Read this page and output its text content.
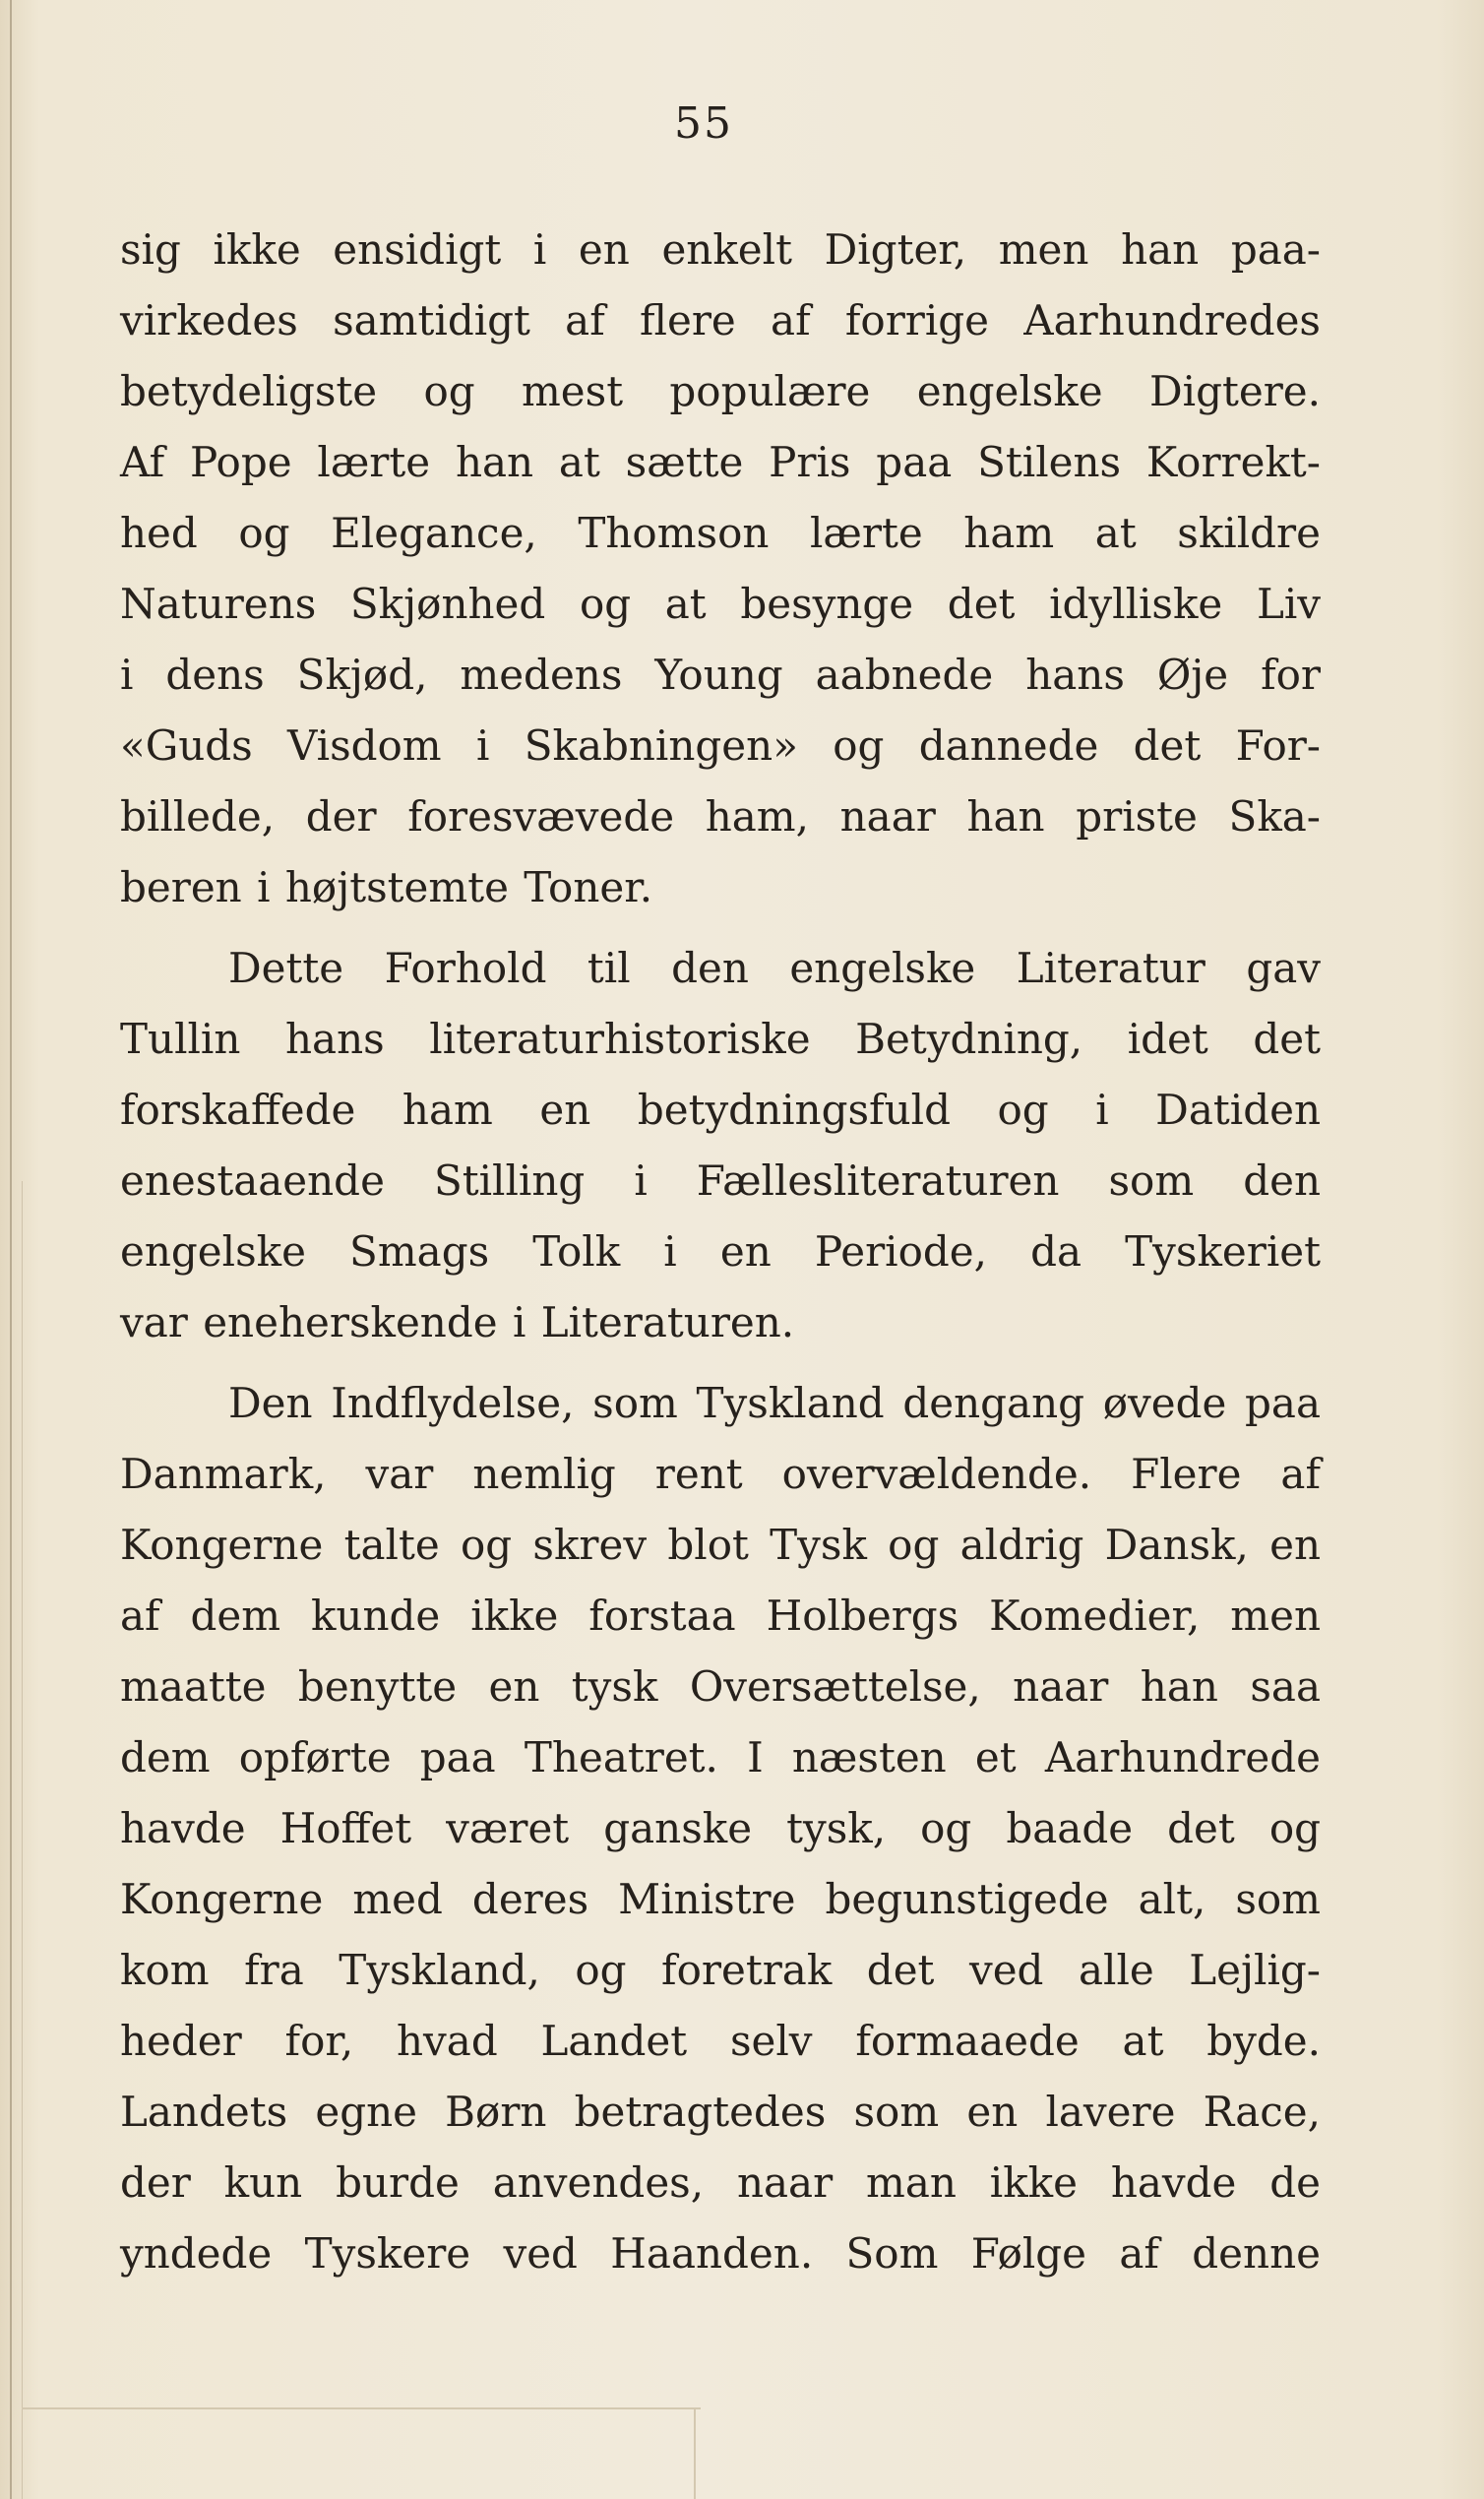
55
sig ikke ensidigt i en enkelt Digter, men han paa-
virkedes samtidigt af flere af forrige Aarhundredes
betydeligste og mest populære engelske Digtere.
Af Pope lærte han at sætte Pris paa Stilens Korrekt-
hed og Elegance, Thomson lærte ham at skildre
Naturens Skjønhed og at besynge det idylliske Liv
i dens Skjød, medens Young aabnede hans Øje for
«Guds Visdom i Skabningen» og dannede det For-
billede, der foresvævede ham, naar han priste Ska-
beren i højtstemte Toner.
Dette Forhold til den engelske Literatur gav
Tullin hans literaturhistoriske Betydning, idet det
forskaffede ham en betydningsfuld og i Datiden
enestaaende Stilling i Fællesliteraturen som den
engelske Smags Tolk i en Periode, da Tyskeriet
var eneherskende i Literaturen.
Den Indflydelse, som Tyskland dengang øvede paa
Danmark, var nemlig rent overvældende. Flere af
Kongerne talte og skrev blot Tysk og aldrig Dansk, en
af dem kunde ikke forstaa Holbergs Komedier, men
maatte benytte en tysk Oversættelse, naar han saa
dem opførte paa Theatret. I næsten et Aarhundrede
havde Hoffet været ganske tysk, og baade det og
Kongerne med deres Ministre begunstigede alt, som
kom fra Tyskland, og foretrak det ved alle Lejlig-
heder for, hvad Landet selv formaaede at byde.
Landets egne Børn betragtedes som en lavere Race,
der kun burde anvendes, naar man ikke havde de
yndede Tyskere ved Haanden. Som Følge af denne
